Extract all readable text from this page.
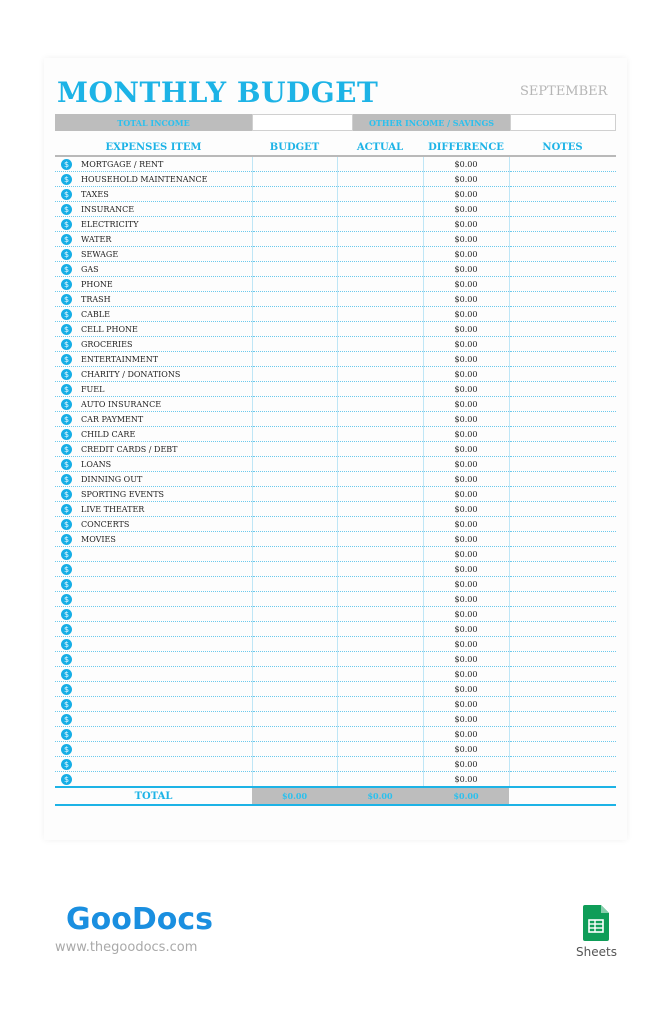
MONTHLY BUDGET	SEPTEMBER
TOTAL INCOME	OTHER INCOME / SAVINGS
EXPENSES ITEM	BUDGET	ACTUAL	DIFFERENCE	NOTES

$ MORTGAGE / RENT			$0.00	

$ HOUSEHOLD MAINTENANCE			$0.00	

$ TAXES			$0.00	

$ INSURANCE			$0.00	

$ ELECTRICITY			$0.00	

$ WATER			$0.00	

$ SEWAGE			$0.00	

$ GAS			$0.00	

$ PHONE			$0.00	

$ TRASH			$0.00	

$ CABLE			$0.00	

$ CELL PHONE			$0.00	

$ GROCERIES			$0.00	

$ ENTERTAINMENT			$0.00	

$ CHARITY / DONATIONS			$0.00	

$ FUEL			$0.00	

$ AUTO INSURANCE			$0.00	

$ CAR PAYMENT			$0.00	

$ CHILD CARE			$0.00	

$ CREDIT CARDS / DEBT			$0.00	

$ LOANS			$0.00	

$ DINNING OUT			$0.00	

$ SPORTING EVENTS			$0.00	

$ LIVE THEATER			$0.00	

$ CONCERTS			$0.00	

$ MOVIES			$0.00	

$			$0.00	

$			$0.00	

$			$0.00	

$			$0.00	

$			$0.00	

$			$0.00	

$			$0.00	

$			$0.00	

$			$0.00	

$			$0.00	

$			$0.00	

$			$0.00	

$			$0.00	

$			$0.00	

$			$0.00	

$			$0.00	
TOTAL	$0.00	$0.00	$0.00	
GooDocs
www.thegoodocs.com	Sheets
